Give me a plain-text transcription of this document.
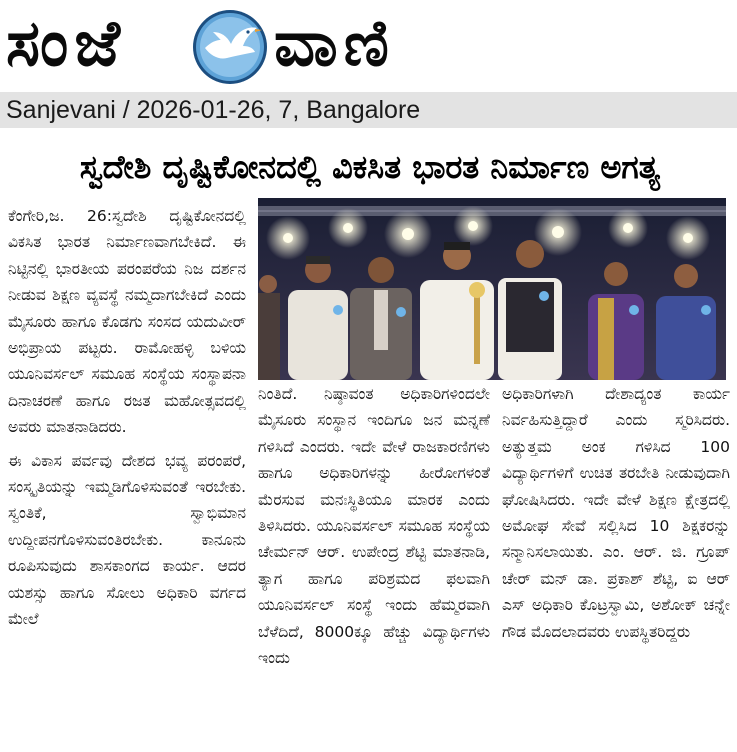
ಸಂಜೆ	ವಾಣಿ
Sanjevani / 2026-01-26, 7, Bangalore
ಸ್ವದೇಶಿ ದೃಷ್ಟಿಕೋನದಲ್ಲಿ ವಿಕಸಿತ ಭಾರತ ನಿರ್ಮಾಣ ಅಗತ್ಯ

ಕೆಂಗೇರಿ,ಜ. 26:ಸ್ವದೇಶಿ ದೃಷ್ಟಿಕೋನದಲ್ಲಿ ವಿಕಸಿತ ಭಾರತ ನಿರ್ಮಾಣವಾಗಬೇಕಿದೆ. ಈ ನಿಟ್ಟಿನಲ್ಲಿ ಭಾರತೀಯ ಪರಂಪರೆಯ ನಿಜ ದರ್ಶನ ನೀಡುವ ಶಿಕ್ಷಣ ವ್ಯವಸ್ಥೆ ನಮ್ಮದಾಗಬೇಕಿದೆ ಎಂದು ಮೈಸೂರು ಹಾಗೂ ಕೊಡಗು ಸಂಸದ ಯದುವೀರ್ ಅಭಿಪ್ರಾಯ ಪಟ್ಟರು. ರಾಮೋಹಳ್ಳಿ ಬಳಿಯ ಯೂನಿವರ್ಸಲ್ ಸಮೂಹ ಸಂಸ್ಥೆಯ ಸಂಸ್ಥಾಪನಾ ದಿನಾಚರಣೆ ಹಾಗೂ ರಜತ ಮಹೋತ್ಸವದಲ್ಲಿ ಅವರು ಮಾತನಾಡಿದರು.

ಈ ವಿಕಾಸ ಪರ್ವವು ದೇಶದ ಭವ್ಯ ಪರಂಪರೆ, ಸಂಸ್ಕೃತಿಯನ್ನು ಇಮ್ಮಡಿಗೊಳಿಸುವಂತೆ ಇರಬೇಕು. ಸ್ವಂತಿಕೆ, ಸ್ವಾಭಿಮಾನ ಉದ್ದೀಪನಗೊಳಿಸುವಂತಿರಬೇಕು. ಕಾನೂನು ರೂಪಿಸುವುದು ಶಾಸಕಾಂಗದ ಕಾರ್ಯ. ಆದರ ಯಶಸ್ಸು ಹಾಗೂ ಸೋಲು ಅಧಿಕಾರಿ ವರ್ಗದ ಮೇಲೆ

ನಿಂತಿದೆ. ನಿಷ್ಠಾವಂತ ಅಧಿಕಾರಿಗಳಿಂದಲೇ ಮೈಸೂರು ಸಂಸ್ಥಾನ ಇಂದಿಗೂ ಜನ ಮನ್ನಣೆ ಗಳಿಸಿದೆ ಎಂದರು. ಇದೇ ವೇಳೆ ರಾಜಕಾರಣಿಗಳು ಹಾಗೂ ಅಧಿಕಾರಿಗಳನ್ನು ಹೀರೋಗಳಂತೆ ಮೆರಸುವ ಮನಃಸ್ಥಿತಿಯೂ ಮಾರಕ ಎಂದು ತಿಳಿಸಿದರು. ಯೂನಿವರ್ಸಲ್ ಸಮೂಹ ಸಂಸ್ಥೆಯ ಚೇರ್ಮನ್ ಆರ್. ಉಪೇಂದ್ರ ಶೆಟ್ಟಿ ಮಾತನಾಡಿ, ತ್ಯಾಗ ಹಾಗೂ ಪರಿಶ್ರಮದ ಫಲವಾಗಿ ಯೂನಿವರ್ಸಲ್ ಸಂಸ್ಥೆ ಇಂದು ಹೆಮ್ಮರವಾಗಿ ಬೆಳೆದಿದೆ, 8000ಕ್ಕೂ ಹೆಚ್ಚು ವಿದ್ಯಾರ್ಥಿಗಳು ಇಂದು

ಅಧಿಕಾರಿಗಳಾಗಿ ದೇಶಾದ್ಯಂತ ಕಾರ್ಯ ನಿರ್ವಹಿಸುತ್ತಿದ್ದಾರೆ ಎಂದು ಸ್ಮರಿಸಿದರು. ಅತ್ಯುತ್ತಮ ಅಂಕ ಗಳಿಸಿದ 100 ವಿದ್ಯಾರ್ಥಿಗಳಿಗೆ ಉಚಿತ ತರಬೇತಿ ನೀಡುವುದಾಗಿ ಘೋಷಿಸಿದರು. ಇದೇ ವೇಳೆ ಶಿಕ್ಷಣ ಕ್ಷೇತ್ರದಲ್ಲಿ ಅಮೋಘ ಸೇವೆ ಸಲ್ಲಿಸಿದ 10 ಶಿಕ್ಷಕರನ್ನು ಸನ್ಮಾನಿಸಲಾಯಿತು. ಎಂ. ಆರ್. ಜಿ. ಗ್ರೂಪ್ ಚೇರ್ ಮನ್ ಡಾ. ಪ್ರಕಾಶ್ ಶೆಟ್ಟಿ, ಐ ಆರ್ ಎಸ್ ಅಧಿಕಾರಿ ಕೊಟ್ರಸ್ವಾಮಿ, ಅಶೋಕ್ ಚನ್ನೇ ಗೌಡ ಮೊದಲಾದವರು ಉಪಸ್ಥಿತರಿದ್ದರು
